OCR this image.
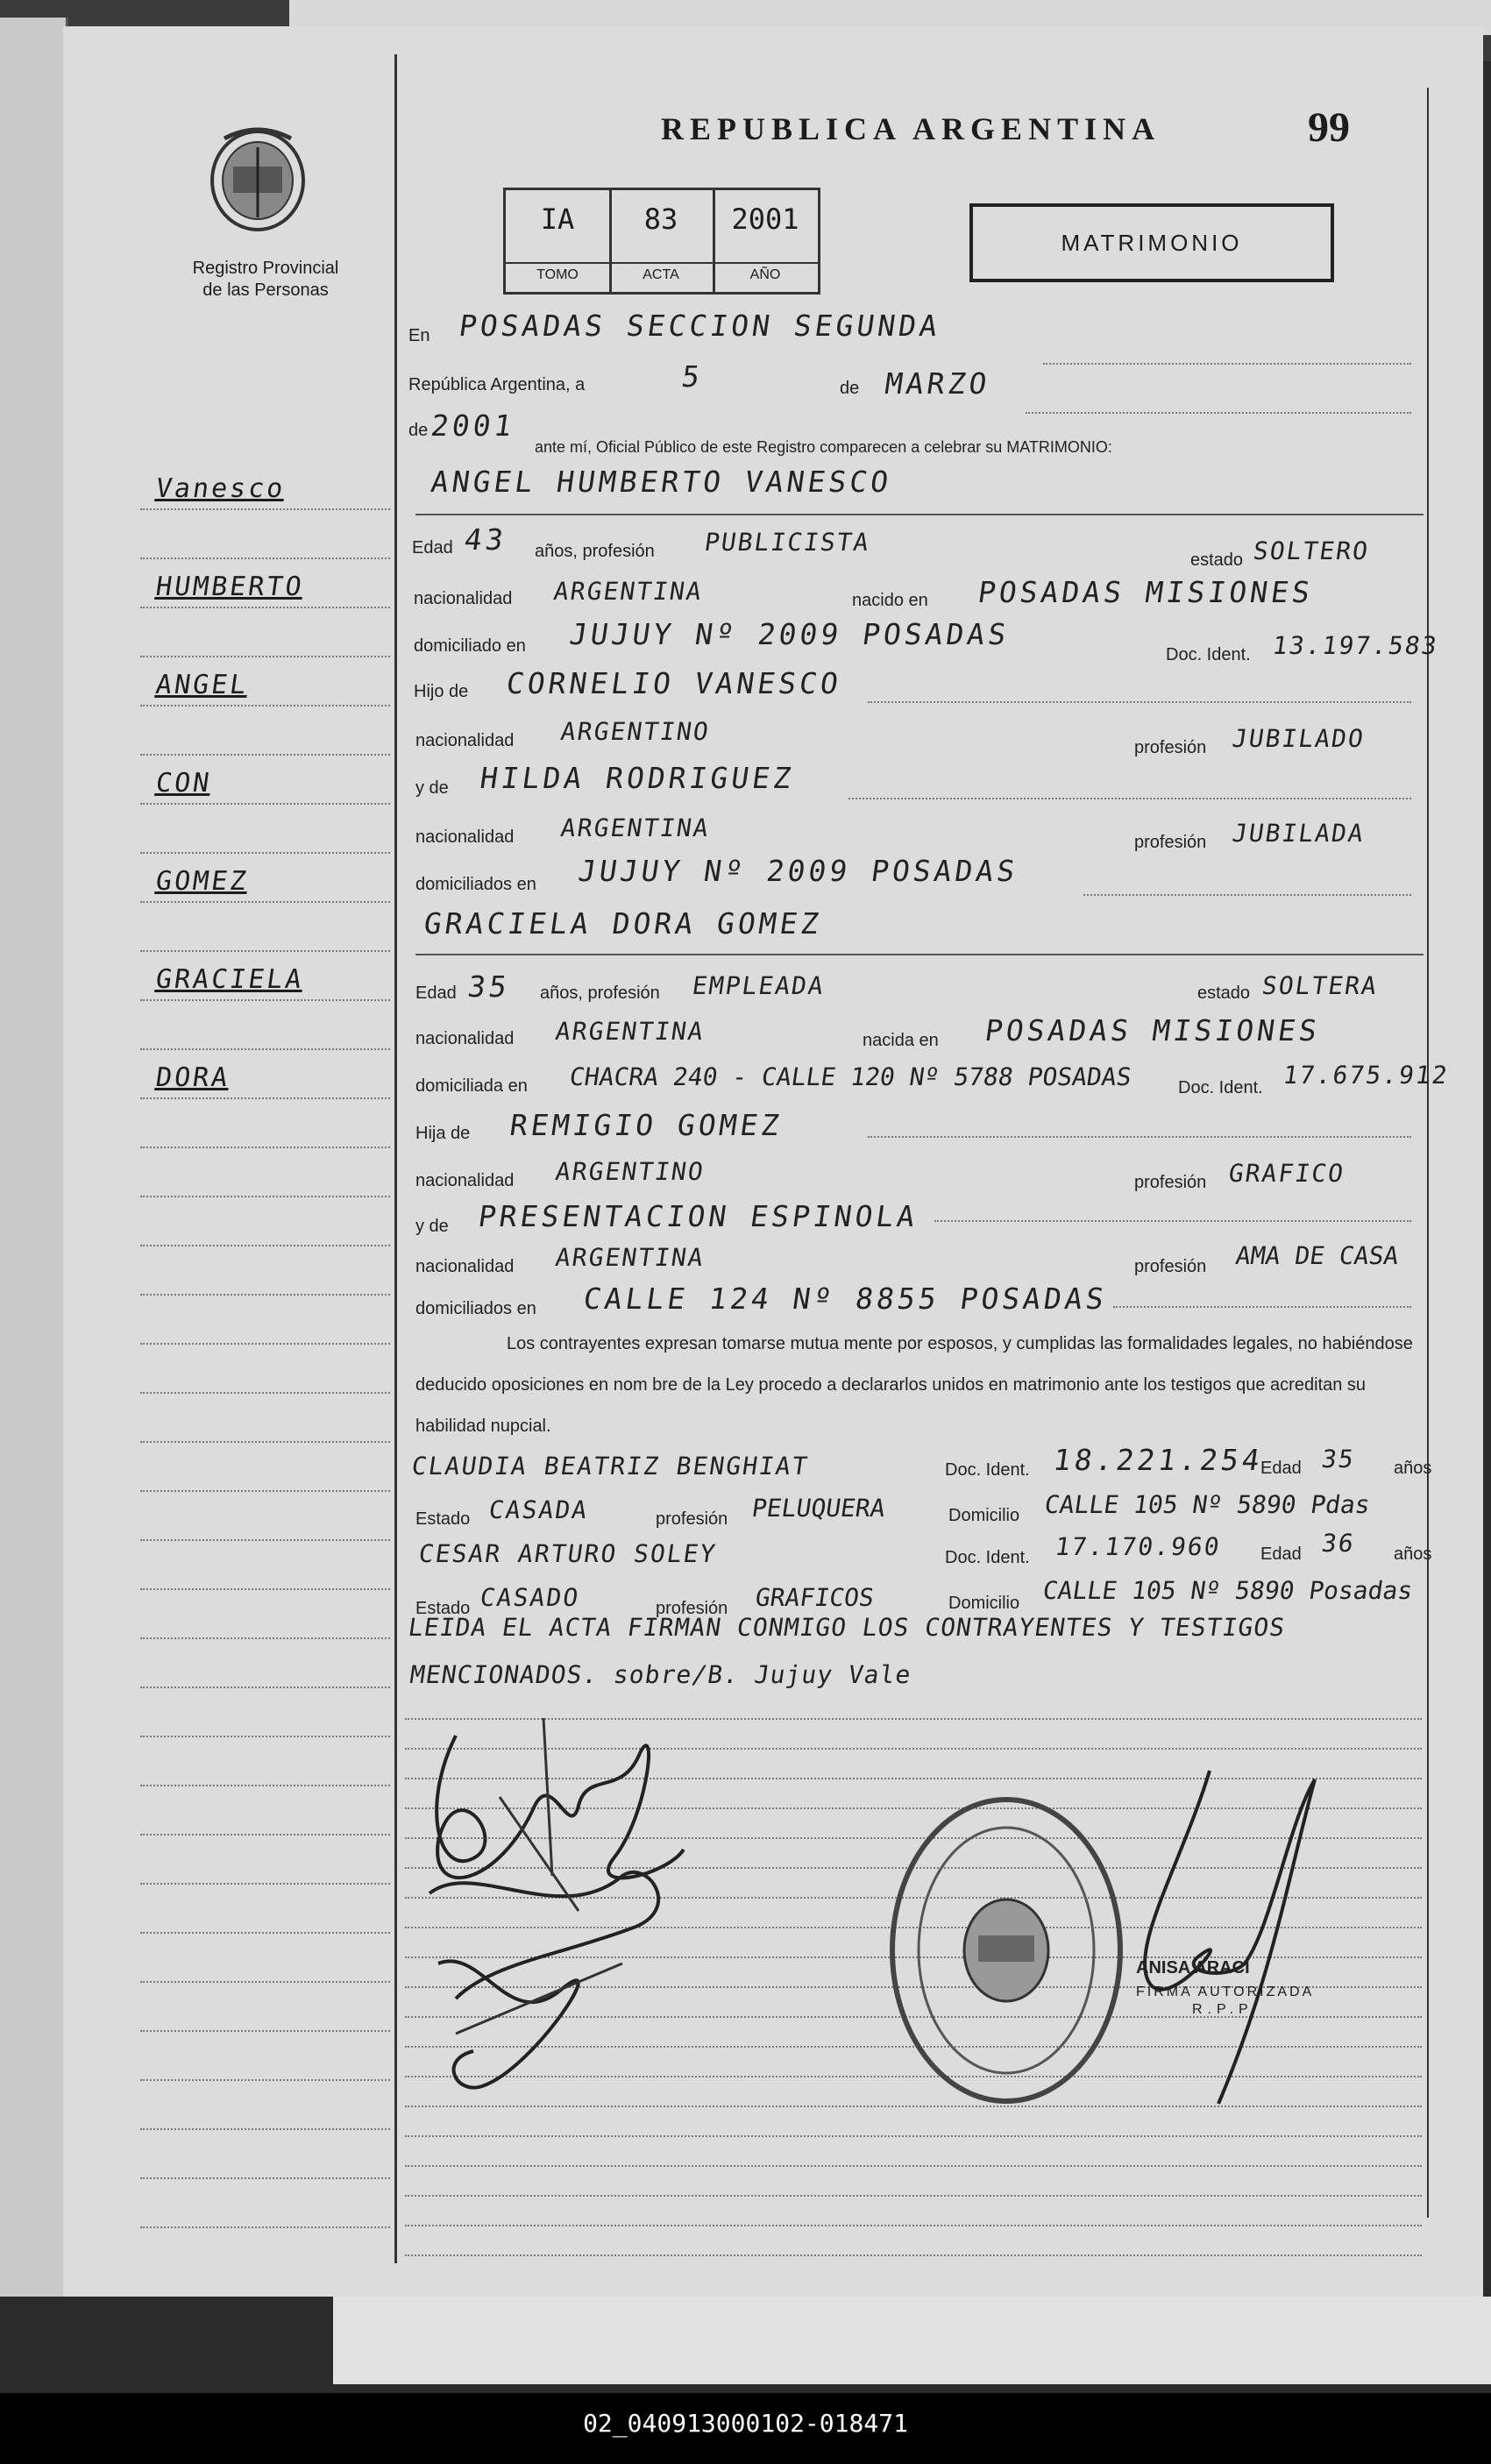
Registro Provincial
de las Personas
REPUBLICA ARGENTINA	99
IA
TOMO
83
ACTA
2001
AÑO
MATRIMONIO
Vanesco
HUMBERTO
ANGEL
CON
GOMEZ
GRACIELA
DORA
En POSADAS SECCION SEGUNDA
República Argentina, a	5	de MARZO
de 2001
ante mí, Oficial Público de este Registro comparecen a celebrar su MATRIMONIO:
ANGEL HUMBERTO VANESCO
Edad 43 años, profesión PUBLICISTA
estado SOLTERO
nacionalidad ARGENTINA	nacido en POSADAS MISIONES
domiciliado en JUJUY Nº 2009 POSADAS
Doc. Ident. 13.197.583
Hijo de CORNELIO VANESCO
nacionalidad ARGENTINO
profesión JUBILADO
y de HILDA RODRIGUEZ
nacionalidad ARGENTINA	profesión JUBILADA
domiciliados en JUJUY Nº 2009 POSADAS
GRACIELA DORA GOMEZ
Edad 35 años, profesión EMPLEADA	estado SOLTERA
nacionalidad ARGENTINA	nacida en POSADAS MISIONES
domiciliada en CHACRA 240 - CALLE 120 Nº 5788 POSADAS	Doc. Ident. 17.675.912
Hija de REMIGIO GOMEZ
nacionalidad ARGENTINO	profesión GRAFICO
y de PRESENTACION ESPINOLA
nacionalidad ARGENTINA	profesión AMA DE CASA
domiciliados en CALLE 124 Nº 8855 POSADAS
Los contrayentes expresan tomarse mutua mente por esposos, y cumplidas las formalidades legales, no habiéndose deducido oposiciones en nom bre de la Ley procedo a declararlos unidos en matrimonio ante los testigos que acreditan su habilidad nupcial.
CLAUDIA BEATRIZ BENGHIAT	Doc. Ident. 18.221.254
Edad 35 años
Estado CASADA	profesión PELUQUERA	Domicilio CALLE 105 Nº 5890 Pdas
CESAR ARTURO SOLEY	Doc. Ident. 17.170.960 Edad 36 años
Estado CASADO	profesión GRAFICOS	Domicilio CALLE 105 Nº 5890 Posadas
LEIDA EL ACTA FIRMAN CONMIGO LOS CONTRAYENTES Y TESTIGOS
MENCIONADOS. sobre/B. Jujuy Vale
ANISA ARACI
FIRMA AUTORIZADA
R.P.P.
02_040913000102-018471
